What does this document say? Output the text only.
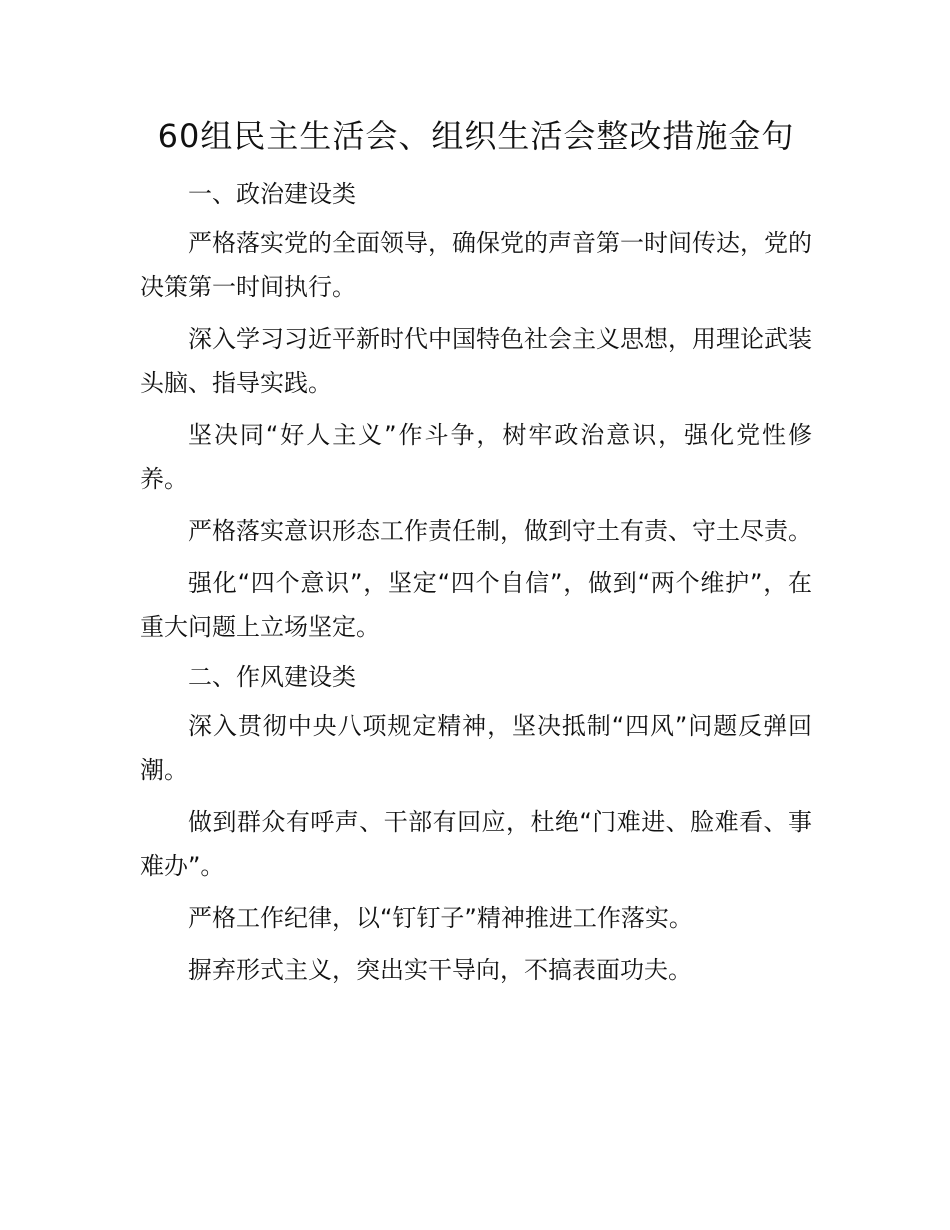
60组民主生活会、组织生活会整改措施金句
一、政治建设类

严格落实党的全面领导，确保党的声音第一时间传达，党的决策第一时间执行。

深入学习习近平新时代中国特色社会主义思想，用理论武装头脑、指导实践。

坚决同“好人主义”作斗争，树牢政治意识，强化党性修养。

严格落实意识形态工作责任制，做到守土有责、守土尽责。

强化“四个意识”，坚定“四个自信”，做到“两个维护”，在重大问题上立场坚定。

二、作风建设类

深入贯彻中央八项规定精神，坚决抵制“四风”问题反弹回潮。

做到群众有呼声、干部有回应，杜绝“门难进、脸难看、事难办”。

严格工作纪律，以“钉钉子”精神推进工作落实。

摒弃形式主义，突出实干导向，不搞表面功夫。
